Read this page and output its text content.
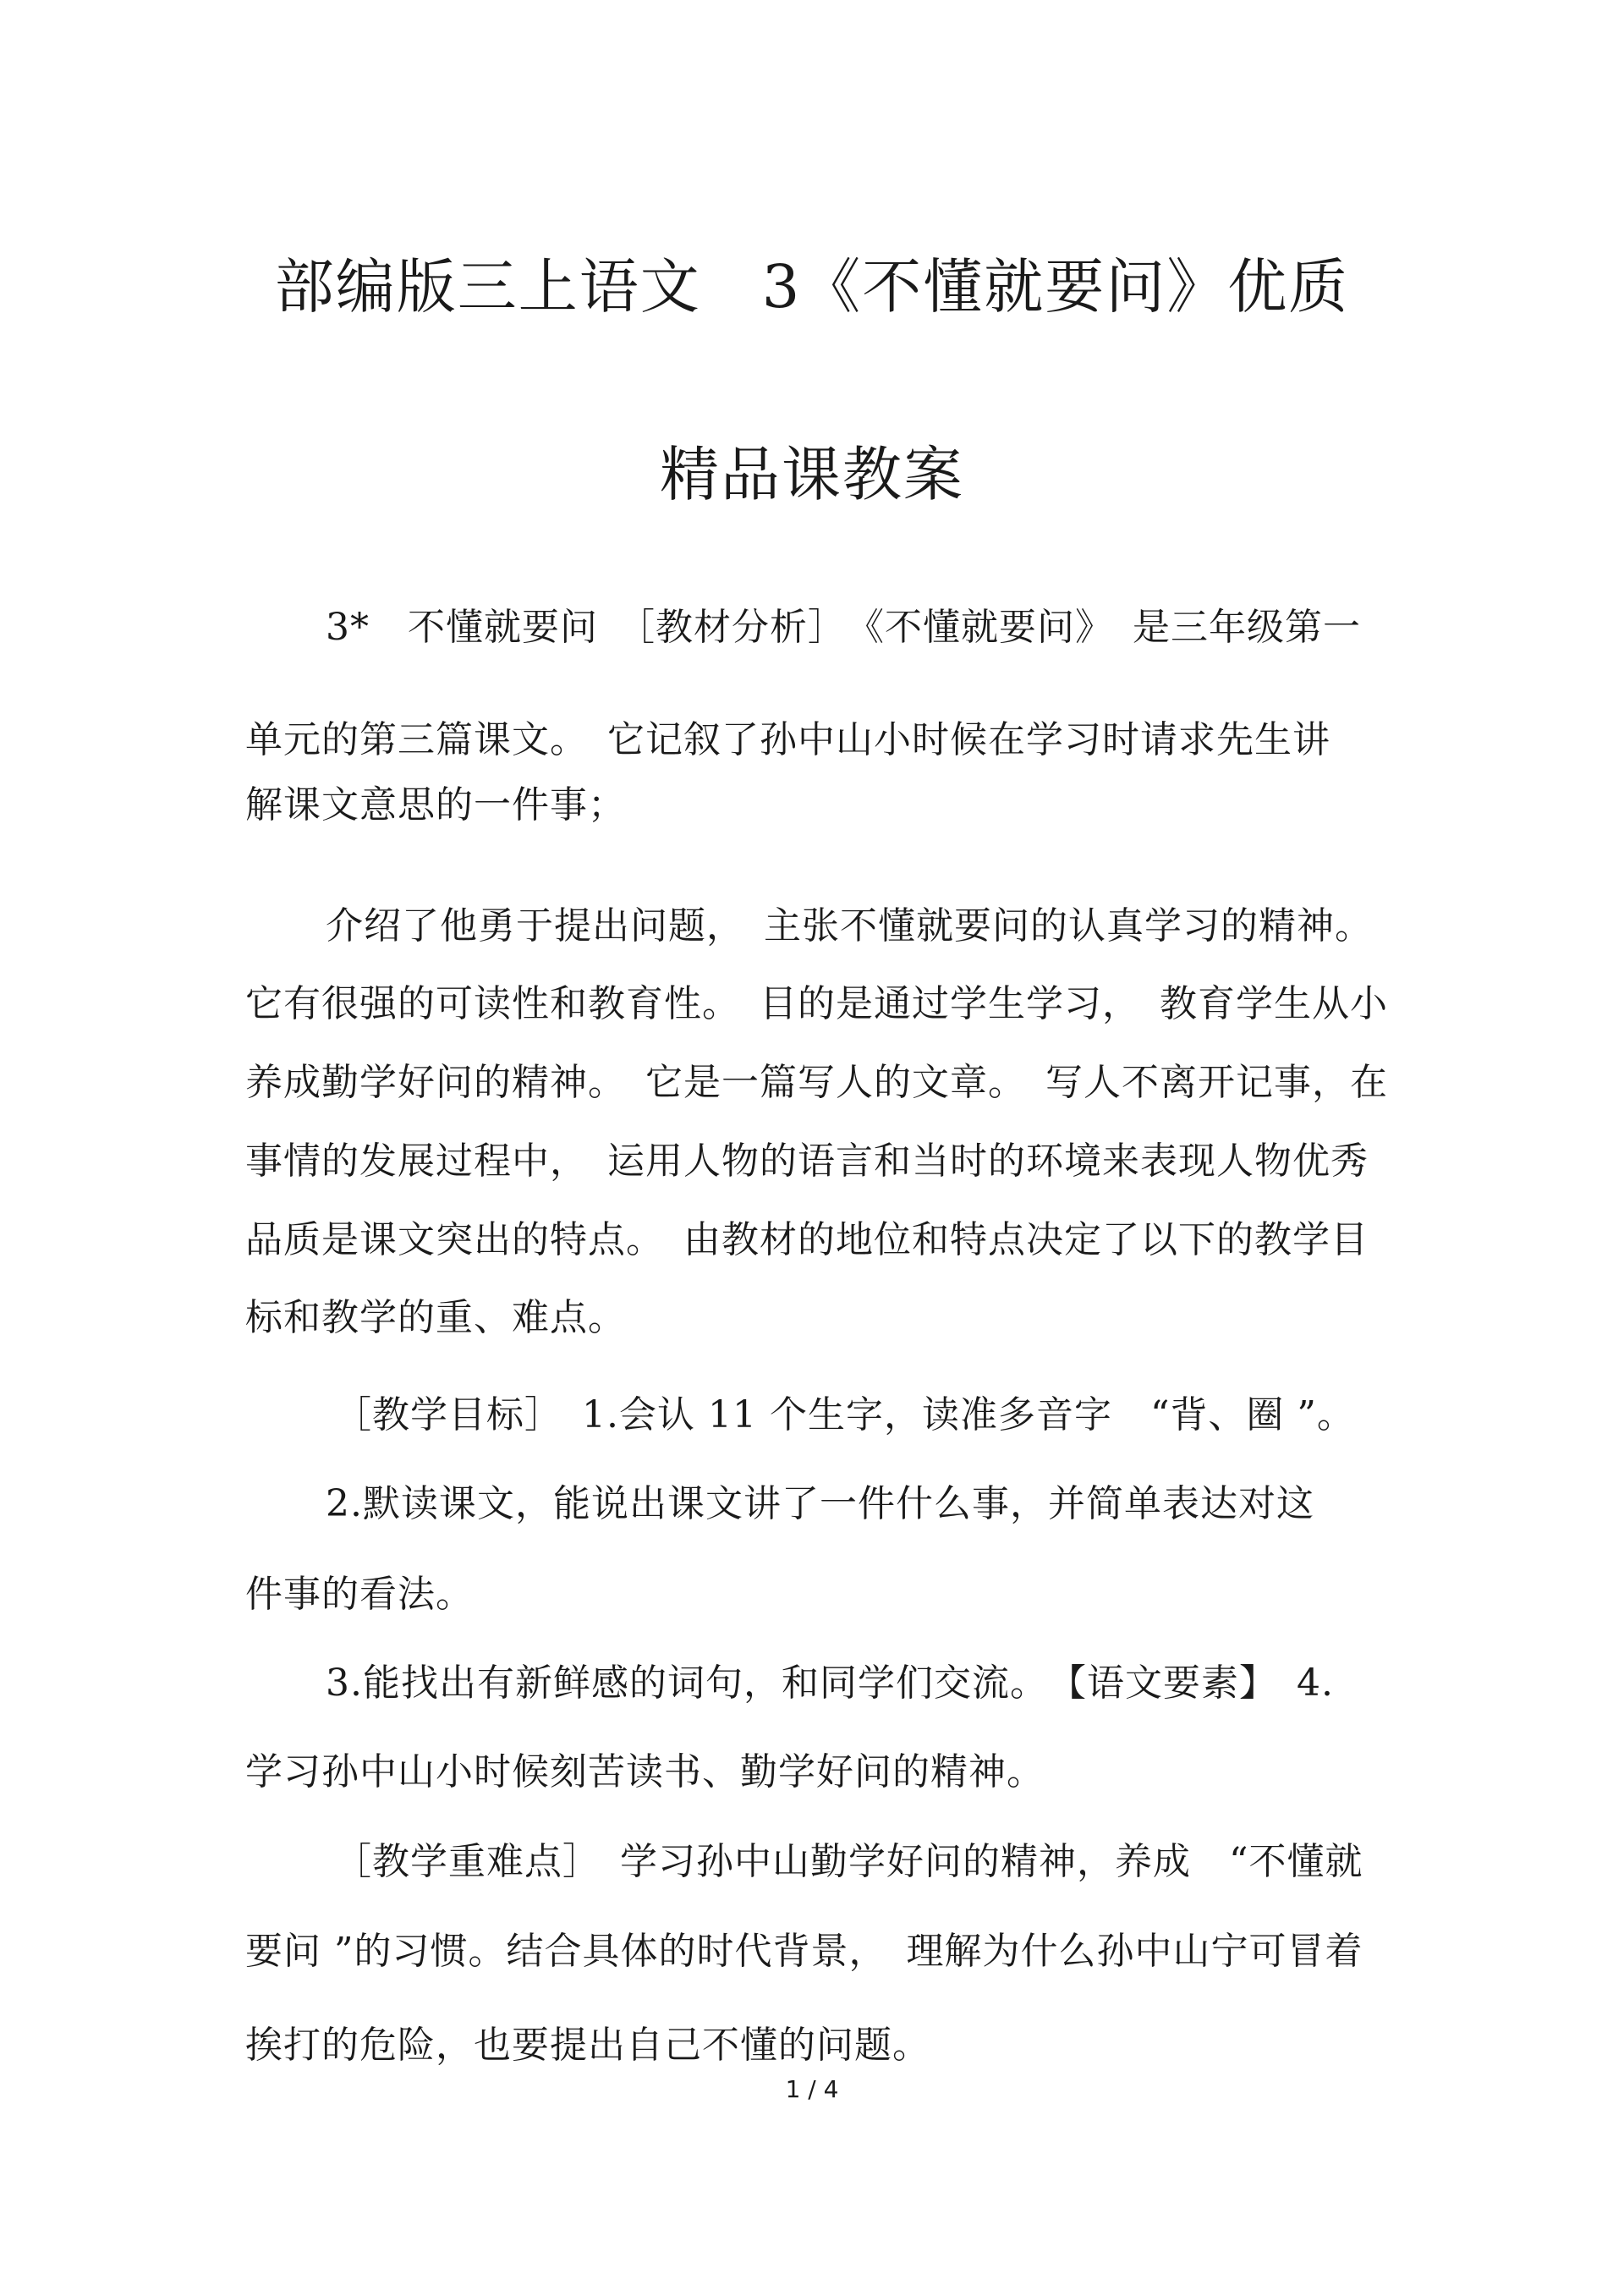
部编版三上语文　3《不懂就要问》优质
精品课教案
3*　不懂就要问　［教材分析］　《不懂就要问》　是三年级第一
单元的第三篇课文。　它记叙了孙中山小时候在学习时请求先生讲
解课文意思的一件事；
介绍了他勇于提出问题，　主张不懂就要问的认真学习的精神。
它有很强的可读性和教育性。　目的是通过学生学习，　教育学生从小
养成勤学好问的精神。　它是一篇写人的文章。　写人不离开记事，在
事情的发展过程中，　运用人物的语言和当时的环境来表现人物优秀
品质是课文突出的特点。　由教材的地位和特点决定了以下的教学目
标和教学的重、难点。
［教学目标］　1.会认 11 个生字，读准多音字　“背、圈 ”。
2.默读课文，能说出课文讲了一件什么事，并简单表达对这
件事的看法。
3.能找出有新鲜感的词句，和同学们交流。　【语文要素】　4.
学习孙中山小时候刻苦读书、勤学好问的精神。
［教学重难点］　学习孙中山勤学好问的精神，养成　“不懂就
要问 ”的习惯。结合具体的时代背景，　理解为什么孙中山宁可冒着
挨打的危险，也要提出自己不懂的问题。
1 / 4
